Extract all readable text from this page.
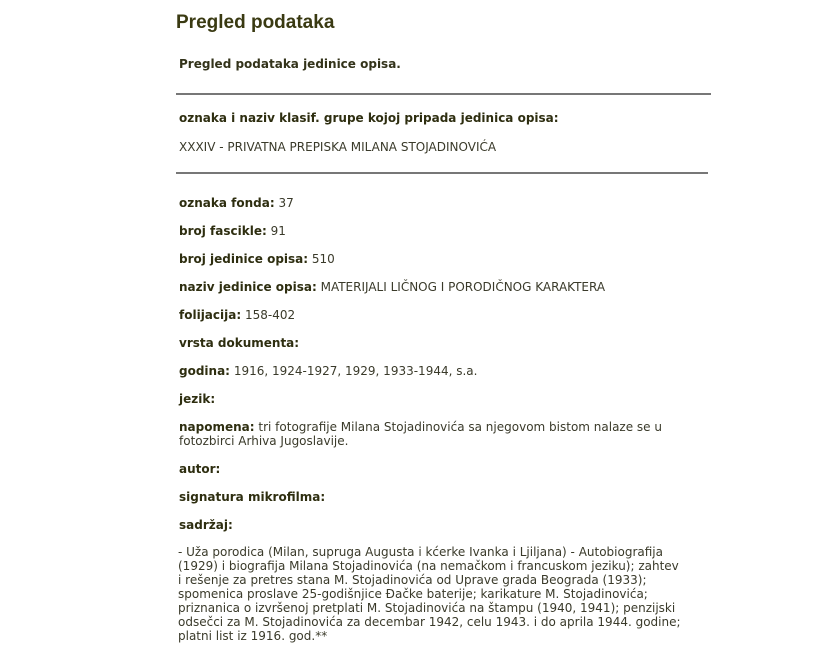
Pregled podataka
Pregled podataka jedinice opisa.
oznaka i naziv klasif. grupe kojoj pripada jedinica opisa:
XXXIV - PRIVATNA PREPISKA MILANA STOJADINOVIĆA
oznaka fonda: 37
broj fascikle: 91
broj jedinice opisa: 510
naziv jedinice opisa: MATERIJALI LIČNOG I PORODIČNOG KARAKTERA
folijacija: 158-402
vrsta dokumenta:
godina: 1916, 1924-1927, 1929, 1933-1944, s.a.
jezik:
napomena: tri fotografije Milana Stojadinovića sa njegovom bistom nalaze se u fotozbirci Arhiva Jugoslavije.
autor:
signatura mikrofilma:
sadržaj:
- Uža porodica (Milan, supruga Augusta i kćerke Ivanka i Ljiljana) - Autobiografija
(1929) i biografija Milana Stojadinovića (na nemačkom i francuskom jeziku); zahtev
i rešenje za pretres stana M. Stojadinovića od Uprave grada Beograda (1933);
spomenica proslave 25-godišnjice Đačke baterije; karikature M. Stojadinovića;
priznanica o izvršenoj pretplati M. Stojadinovića na štampu (1940, 1941); penzijski
odsečci za M. Stojadinovića za decembar 1942, celu 1943. i do aprila 1944. godine;
platni list iz 1916. god.**
